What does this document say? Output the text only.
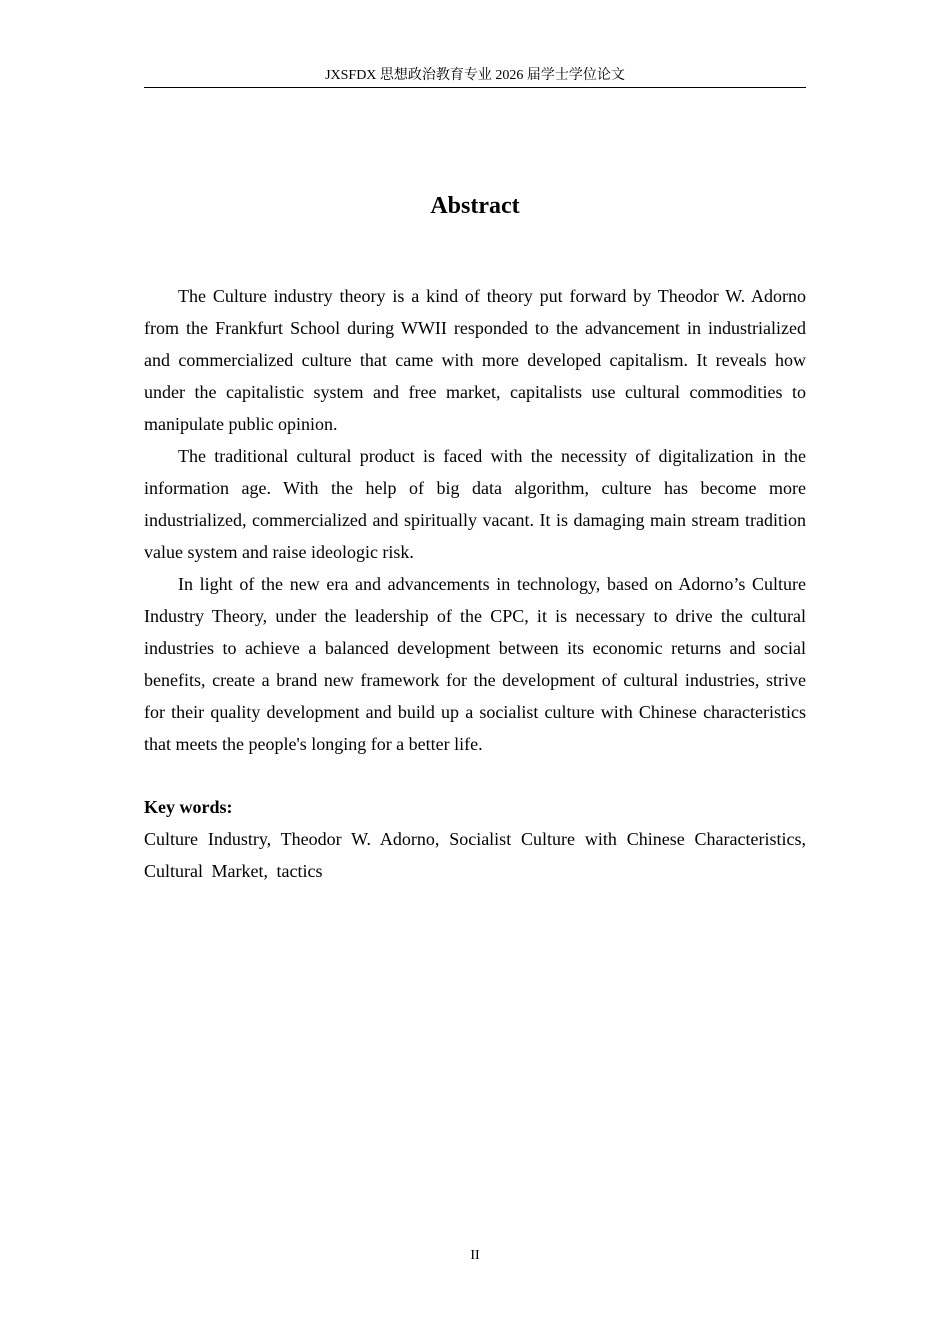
JXSFDX 思想政治教育专业 2026 届学士学位论文
Abstract

The Culture industry theory is a kind of theory put forward by Theodor W. Adorno from the Frankfurt School during WWII responded to the advancement in industrialized and commercialized culture that came with more developed capitalism. It reveals how under the capitalistic system and free market, capitalists use cultural commodities to manipulate public opinion.

The traditional cultural product is faced with the necessity of digitalization in the information age. With the help of big data algorithm, culture has become more industrialized, commercialized and spiritually vacant. It is damaging main stream tradition value system and raise ideologic risk.

In light of the new era and advancements in technology, based on Adorno’s Culture Industry Theory, under the leadership of the CPC, it is necessary to drive the cultural industries to achieve a balanced development between its economic returns and social benefits, create a brand new framework for the development of cultural industries, strive for their quality development and build up a socialist culture with Chinese characteristics that meets the people's longing for a better life.

Key words:

Culture Industry, Theodor W. Adorno, Socialist Culture with Chinese Characteristics, Cultural Market, tactics

II
